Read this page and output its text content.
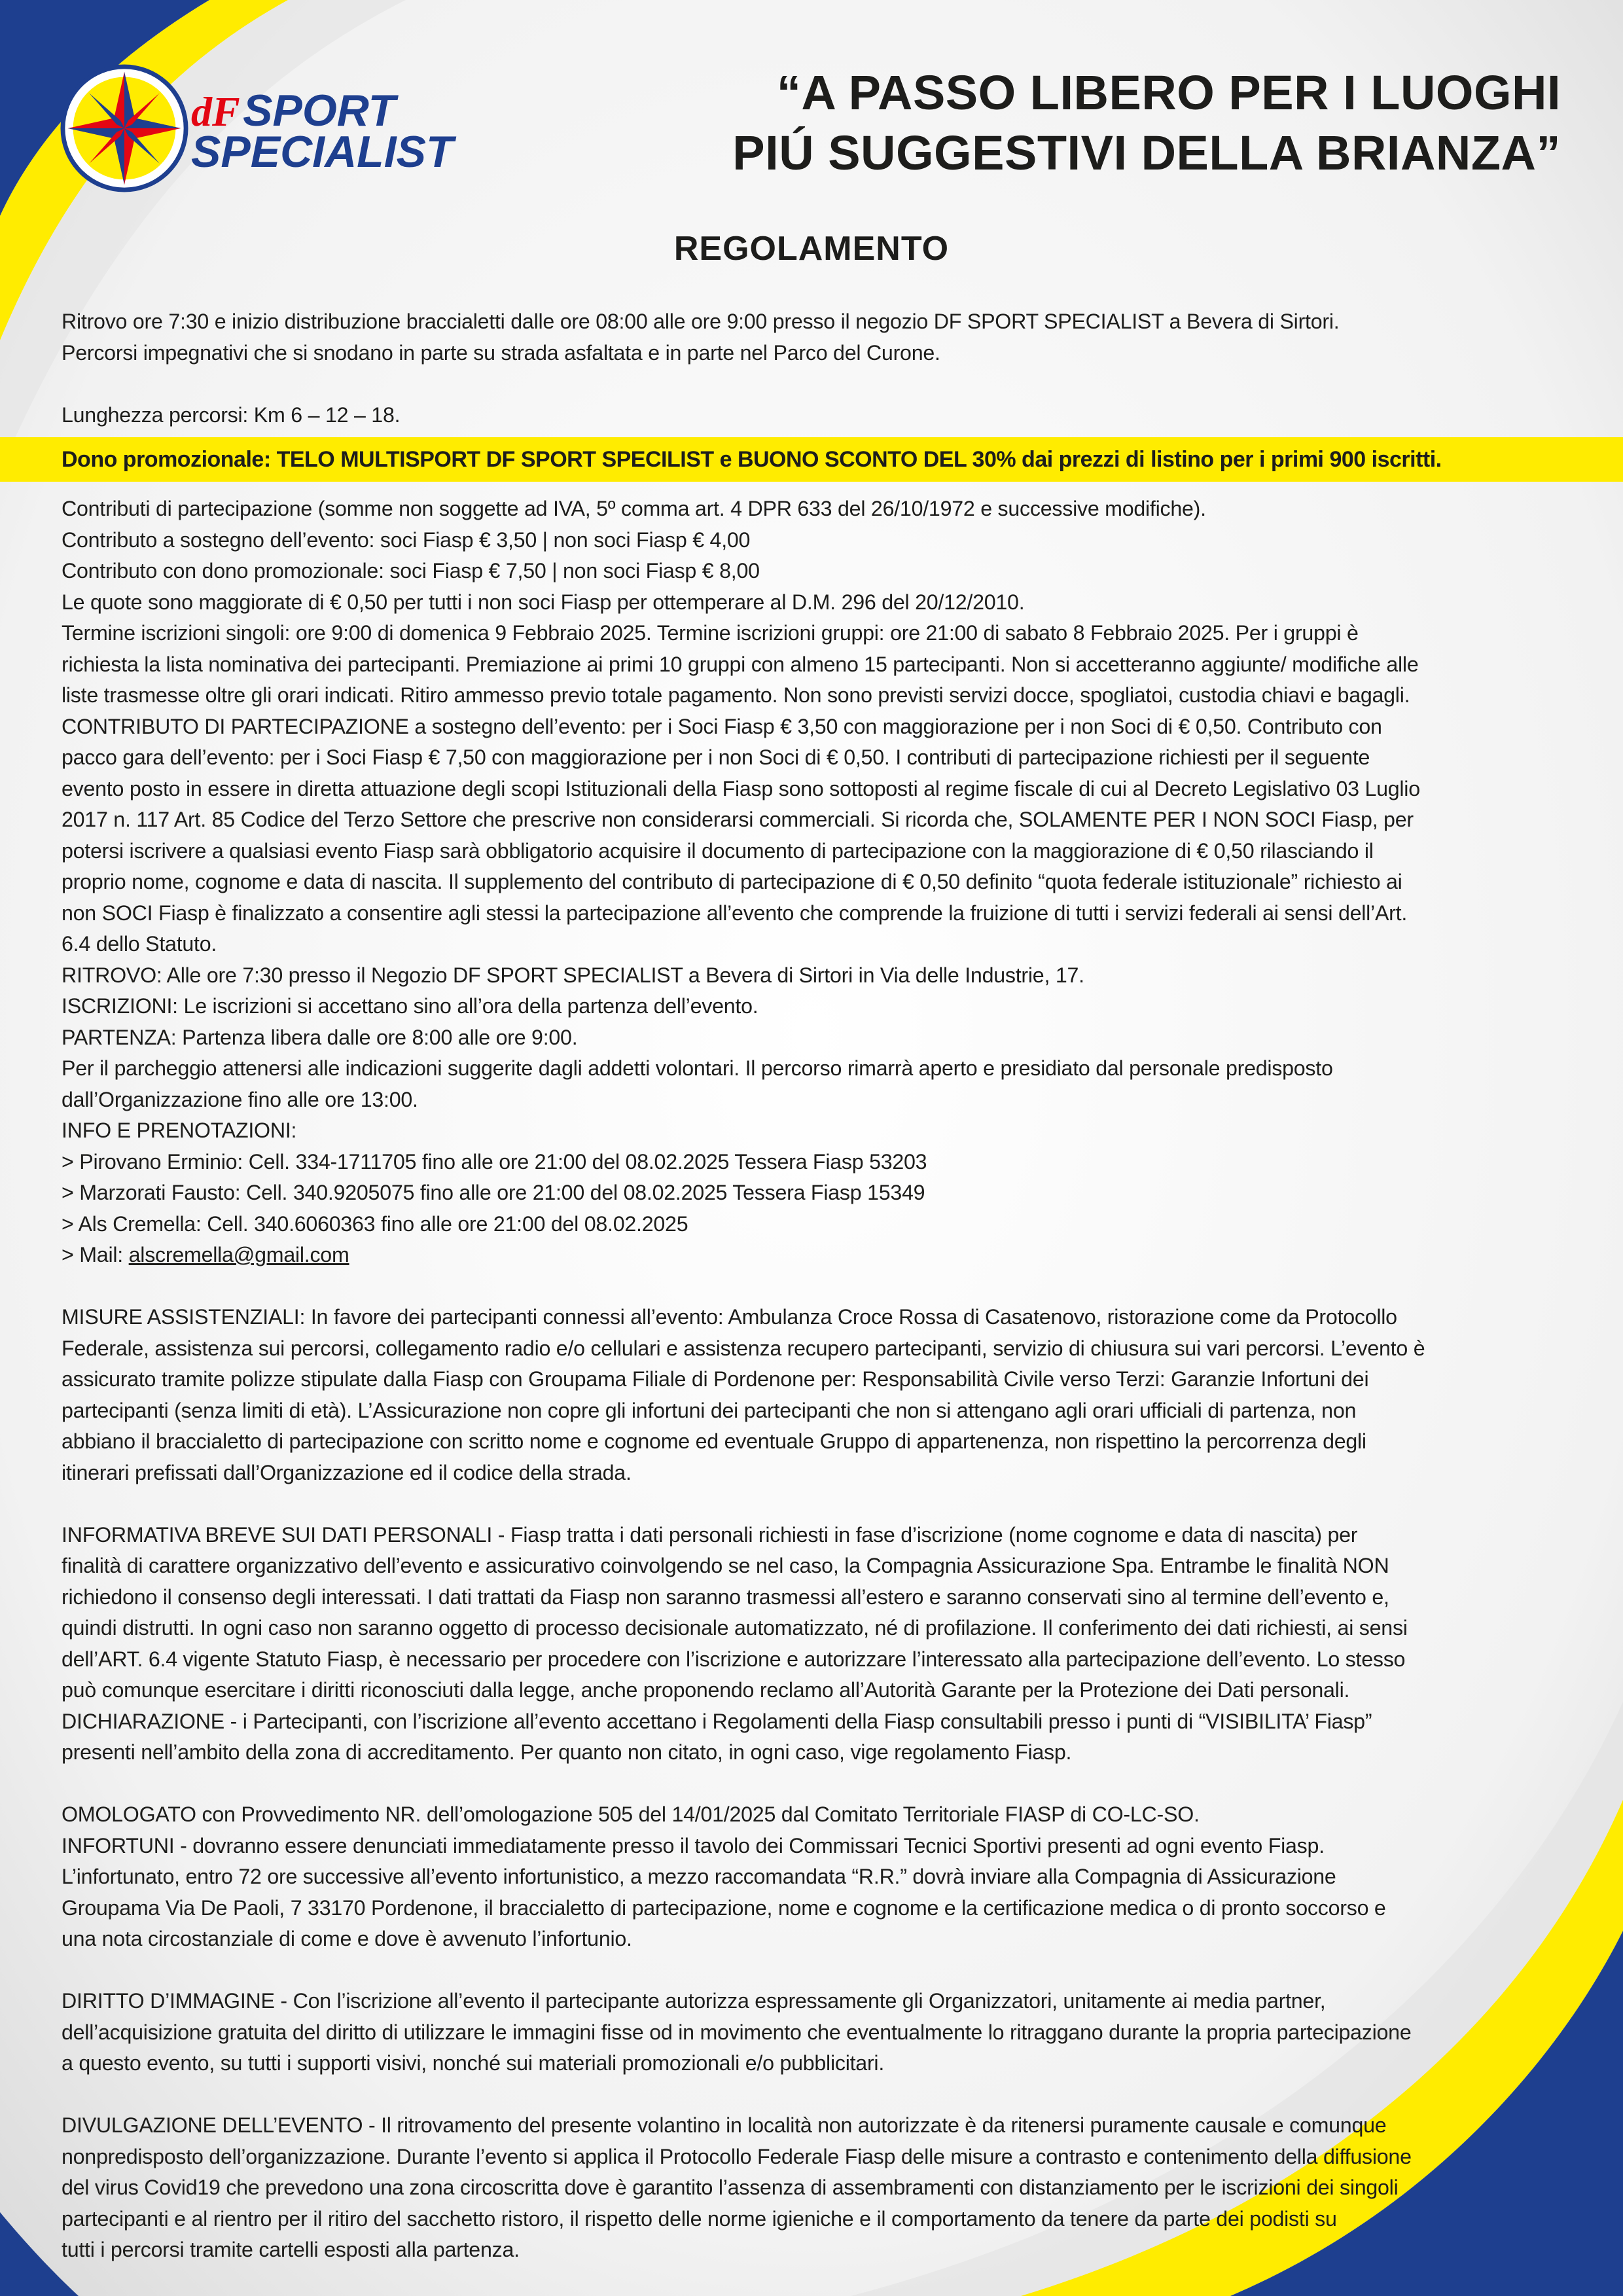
dF SPORT
SPECIALIST
“A PASSO LIBERO PER I LUOGHI
PIÚ SUGGESTIVI DELLA BRIANZA”
REGOLAMENTO

Ritrovo ore 7:30 e inizio distribuzione braccialetti dalle ore 08:00 alle ore 9:00 presso il negozio DF SPORT SPECIALIST a Bevera di Sirtori.

Percorsi impegnativi che si snodano in parte su strada asfaltata e in parte nel Parco del Curone.

Lunghezza percorsi: Km 6 – 12 – 18.

Dono promozionale: TELO MULTISPORT DF SPORT SPECILIST e BUONO SCONTO DEL 30% dai prezzi di listino per i primi 900 iscritti.

Contributi di partecipazione (somme non soggette ad IVA, 5º comma art. 4 DPR 633 del 26/10/1972 e successive modifiche).

Contributo a sostegno dell’evento: soci Fiasp € 3,50 | non soci Fiasp € 4,00

Contributo con dono promozionale: soci Fiasp € 7,50 | non soci Fiasp € 8,00

Le quote sono maggiorate di € 0,50 per tutti i non soci Fiasp per ottemperare al D.M. 296 del 20/12/2010.

Termine iscrizioni singoli: ore 9:00 di domenica 9 Febbraio 2025. Termine iscrizioni gruppi: ore 21:00 di sabato 8 Febbraio 2025. Per i gruppi è

richiesta la lista nominativa dei partecipanti. Premiazione ai primi 10 gruppi con almeno 15 partecipanti. Non si accetteranno aggiunte/ modifiche alle

liste trasmesse oltre gli orari indicati. Ritiro ammesso previo totale pagamento. Non sono previsti servizi docce, spogliatoi, custodia chiavi e bagagli.

CONTRIBUTO DI PARTECIPAZIONE a sostegno dell’evento: per i Soci Fiasp € 3,50 con maggiorazione per i non Soci di € 0,50. Contributo con

pacco gara dell’evento: per i Soci Fiasp € 7,50 con maggiorazione per i non Soci di € 0,50. I contributi di partecipazione richiesti per il seguente

evento posto in essere in diretta attuazione degli scopi Istituzionali della Fiasp sono sottoposti al regime fiscale di cui al Decreto Legislativo 03 Luglio

2017 n. 117 Art. 85 Codice del Terzo Settore che prescrive non considerarsi commerciali. Si ricorda che, SOLAMENTE PER I NON SOCI Fiasp, per

potersi iscrivere a qualsiasi evento Fiasp sarà obbligatorio acquisire il documento di partecipazione con la maggiorazione di € 0,50 rilasciando il

proprio nome, cognome e data di nascita. Il supplemento del contributo di partecipazione di € 0,50 definito “quota federale istituzionale” richiesto ai

non SOCI Fiasp è finalizzato a consentire agli stessi la partecipazione all’evento che comprende la fruizione di tutti i servizi federali ai sensi dell’Art.

6.4 dello Statuto.

RITROVO: Alle ore 7:30 presso il Negozio DF SPORT SPECIALIST a Bevera di Sirtori in Via delle Industrie, 17.

ISCRIZIONI: Le iscrizioni si accettano sino all’ora della partenza dell’evento.

PARTENZA: Partenza libera dalle ore 8:00 alle ore 9:00.

Per il parcheggio attenersi alle indicazioni suggerite dagli addetti volontari. Il percorso rimarrà aperto e presidiato dal personale predisposto

dall’Organizzazione fino alle ore 13:00.

INFO E PRENOTAZIONI:

> Pirovano Erminio: Cell. 334-1711705 fino alle ore 21:00 del 08.02.2025 Tessera Fiasp 53203

> Marzorati Fausto: Cell. 340.9205075 fino alle ore 21:00 del 08.02.2025 Tessera Fiasp 15349

> Als Cremella: Cell. 340.6060363 fino alle ore 21:00 del 08.02.2025

> Mail: alscremella@gmail.com

MISURE ASSISTENZIALI: In favore dei partecipanti connessi all’evento: Ambulanza Croce Rossa di Casatenovo, ristorazione come da Protocollo

Federale, assistenza sui percorsi, collegamento radio e/o cellulari e assistenza recupero partecipanti, servizio di chiusura sui vari percorsi. L’evento è

assicurato tramite polizze stipulate dalla Fiasp con Groupama Filiale di Pordenone per: Responsabilità Civile verso Terzi: Garanzie Infortuni dei

partecipanti (senza limiti di età). L’Assicurazione non copre gli infortuni dei partecipanti che non si attengano agli orari ufficiali di partenza, non

abbiano il braccialetto di partecipazione con scritto nome e cognome ed eventuale Gruppo di appartenenza, non rispettino la percorrenza degli

itinerari prefissati dall’Organizzazione ed il codice della strada.

INFORMATIVA BREVE SUI DATI PERSONALI - Fiasp tratta i dati personali richiesti in fase d’iscrizione (nome cognome e data di nascita) per

finalità di carattere organizzativo dell’evento e assicurativo coinvolgendo se nel caso, la Compagnia Assicurazione Spa. Entrambe le finalità NON

richiedono il consenso degli interessati. I dati trattati da Fiasp non saranno trasmessi all’estero e saranno conservati sino al termine dell’evento e,

quindi distrutti. In ogni caso non saranno oggetto di processo decisionale automatizzato, né di profilazione. Il conferimento dei dati richiesti, ai sensi

dell’ART. 6.4 vigente Statuto Fiasp, è necessario per procedere con l’iscrizione e autorizzare l’interessato alla partecipazione dell’evento. Lo stesso

può comunque esercitare i diritti riconosciuti dalla legge, anche proponendo reclamo all’Autorità Garante per la Protezione dei Dati personali.

DICHIARAZIONE - i Partecipanti, con l’iscrizione all’evento accettano i Regolamenti della Fiasp consultabili presso i punti di “VISIBILITA’ Fiasp”

presenti nell’ambito della zona di accreditamento. Per quanto non citato, in ogni caso, vige regolamento Fiasp.

OMOLOGATO con Provvedimento NR. dell’omologazione 505 del 14/01/2025 dal Comitato Territoriale FIASP di CO-LC-SO.

INFORTUNI - dovranno essere denunciati immediatamente presso il tavolo dei Commissari Tecnici Sportivi presenti ad ogni evento Fiasp.

L’infortunato, entro 72 ore successive all’evento infortunistico, a mezzo raccomandata “R.R.” dovrà inviare alla Compagnia di Assicurazione

Groupama Via De Paoli, 7 33170 Pordenone, il braccialetto di partecipazione, nome e cognome e la certificazione medica o di pronto soccorso e

una nota circostanziale di come e dove è avvenuto l’infortunio.

DIRITTO D’IMMAGINE - Con l’iscrizione all’evento il partecipante autorizza espressamente gli Organizzatori, unitamente ai media partner,

dell’acquisizione gratuita del diritto di utilizzare le immagini fisse od in movimento che eventualmente lo ritraggano durante la propria partecipazione

a questo evento, su tutti i supporti visivi, nonché sui materiali promozionali e/o pubblicitari.

DIVULGAZIONE DELL’EVENTO - Il ritrovamento del presente volantino in località non autorizzate è da ritenersi puramente causale e comunque

nonpredisposto dell’organizzazione. Durante l’evento si applica il Protocollo Federale Fiasp delle misure a contrasto e contenimento della diffusione

del virus Covid19 che prevedono una zona circoscritta dove è garantito l’assenza di assembramenti con distanziamento per le iscrizioni dei singoli

partecipanti e al rientro per il ritiro del sacchetto ristoro, il rispetto delle norme igieniche e il comportamento da tenere da parte dei podisti su

tutti i percorsi tramite cartelli esposti alla partenza.
